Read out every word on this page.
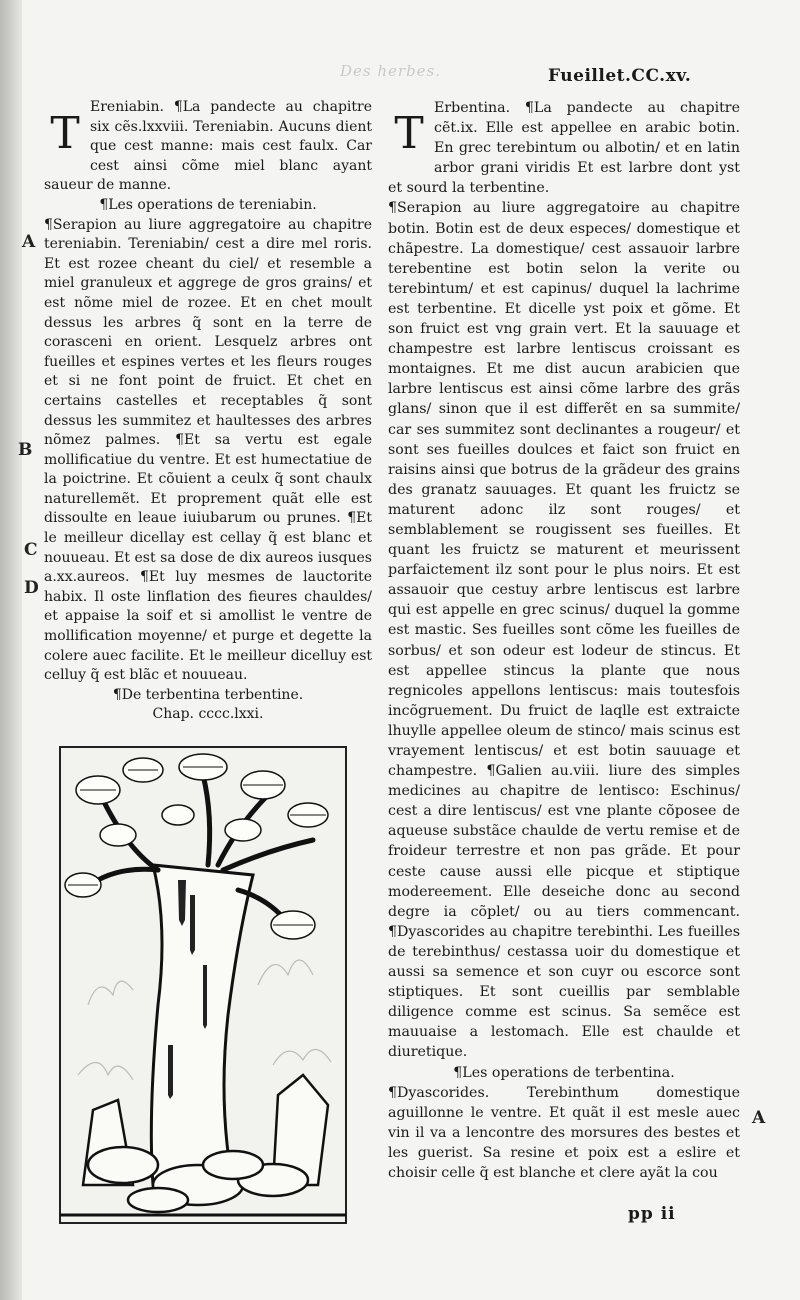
Des herbes.	Fueillet.CC.xv.
T

Ereniabin. ¶La pandecte au chapitre six cẽs.lxxviii. Tereniabin. Aucuns dient que cest manne: mais cest faulx. Car cest ainsi cõme miel blanc ayant saueur de manne.

¶Les operations de tereniabin.

¶Serapion au liure aggregatoire au chapitre tereniabin. Tereniabin/ cest a dire mel roris. Et est rozee cheant du ciel/ et resemble a miel granuleux et aggrege de gros grains/ et est nõme miel de rozee. Et en chet moult dessus les arbres q̃ sont en la terre de corasceni en orient. Lesquelz arbres ont fueilles et espines vertes et les fleurs rouges et si ne font point de fruict. Et chet en certains castelles et receptables q̃ sont dessus les summitez et haultesses des arbres nõmez palmes. ¶Et sa vertu est egale mollificatiue du ventre. Et est humectatiue de la poictrine. Et cõuient a ceulx q̃ sont chaulx naturellemẽt. Et proprement quãt elle est dissoulte en leaue iuiubarum ou prunes. ¶Et le meilleur dicellay est cellay q̃ est blanc et nouueau. Et est sa dose de dix aureos iusques a.xx.aureos. ¶Et luy mesmes de lauctorite habix. Il oste linflation des fieures chauldes/ et appaise la soif et si amollist le ventre de mollification moyenne/ et purge et degette la colere auec facilite. Et le meilleur dicelluy est celluy q̃ est blãc et nouueau.

¶De terbentina terbentine.

Chap. cccc.lxxi.

A
B
C
D
A
T Erbentina. ¶La pandecte au chapitre cẽt.ix. Elle est appellee en arabic botin. En grec terebintum ou albotin/ et en latin arbor grani viridis Et est larbre dont yst et sourd la terbentine.

¶Serapion au liure aggregatoire au chapitre botin. Botin est de deux especes/ domestique et chãpestre. La domestique/ cest assauoir larbre terebentine est botin selon la verite ou terebintum/ et est capinus/ duquel la lachrime est terbentine. Et dicelle yst poix et gõme. Et son fruict est vng grain vert. Et la sauuage et champestre est larbre lentiscus croissant es montaignes. Et me dist aucun arabicien que larbre lentiscus est ainsi cõme larbre des grãs glans/ sinon que il est differẽt en sa summite/ car ses summitez sont declinantes a rougeur/ et sont ses fueilles doulces et faict son fruict en raisins ainsi que botrus de la grãdeur des grains des granatz sauuages. Et quant les fruictz se maturent adonc ilz sont rouges/ et semblablement se rougissent ses fueilles. Et quant les fruictz se maturent et meurissent parfaictement ilz sont pour le plus noirs. Et est assauoir que cestuy arbre lentiscus est larbre qui est appelle en grec scinus/ duquel la gomme est mastic. Ses fueilles sont cõme les fueilles de sorbus/ et son odeur est lodeur de stincus. Et est appellee stincus la plante que nous regnicoles appellons lentiscus: mais toutesfois incõgruement. Du fruict de laqlle est extraicte lhuylle appellee oleum de stinco/ mais scinus est vrayement lentiscus/ et est botin sauuage et champestre. ¶Galien au.viii. liure des simples medicines au chapitre de lentisco: Eschinus/ cest a dire lentiscus/ est vne plante cõposee de aqueuse substãce chaulde de vertu remise et de froideur terrestre et non pas grãde. Et pour ceste cause aussi elle picque et stiptique modereement. Elle deseiche donc au second degre ia cõplet/ ou au tiers commencant. ¶Dyascorides au chapitre terebinthi. Les fueilles de terebinthus/ cestassa uoir du domestique et aussi sa semence et son cuyr ou escorce sont stiptiques. Et sont cueillis par semblable diligence comme est scinus. Sa semẽce est mauuaise a lestomach. Elle est chaulde et diuretique.

¶Les operations de terbentina.

¶Dyascorides. Terebinthum domestique aguillonne le ventre. Et quãt il est mesle auec vin il va a lencontre des morsures des bestes et les guerist. Sa resine et poix est a eslire et choisir celle q̃ est blanche et clere ayãt la cou

pp ii
